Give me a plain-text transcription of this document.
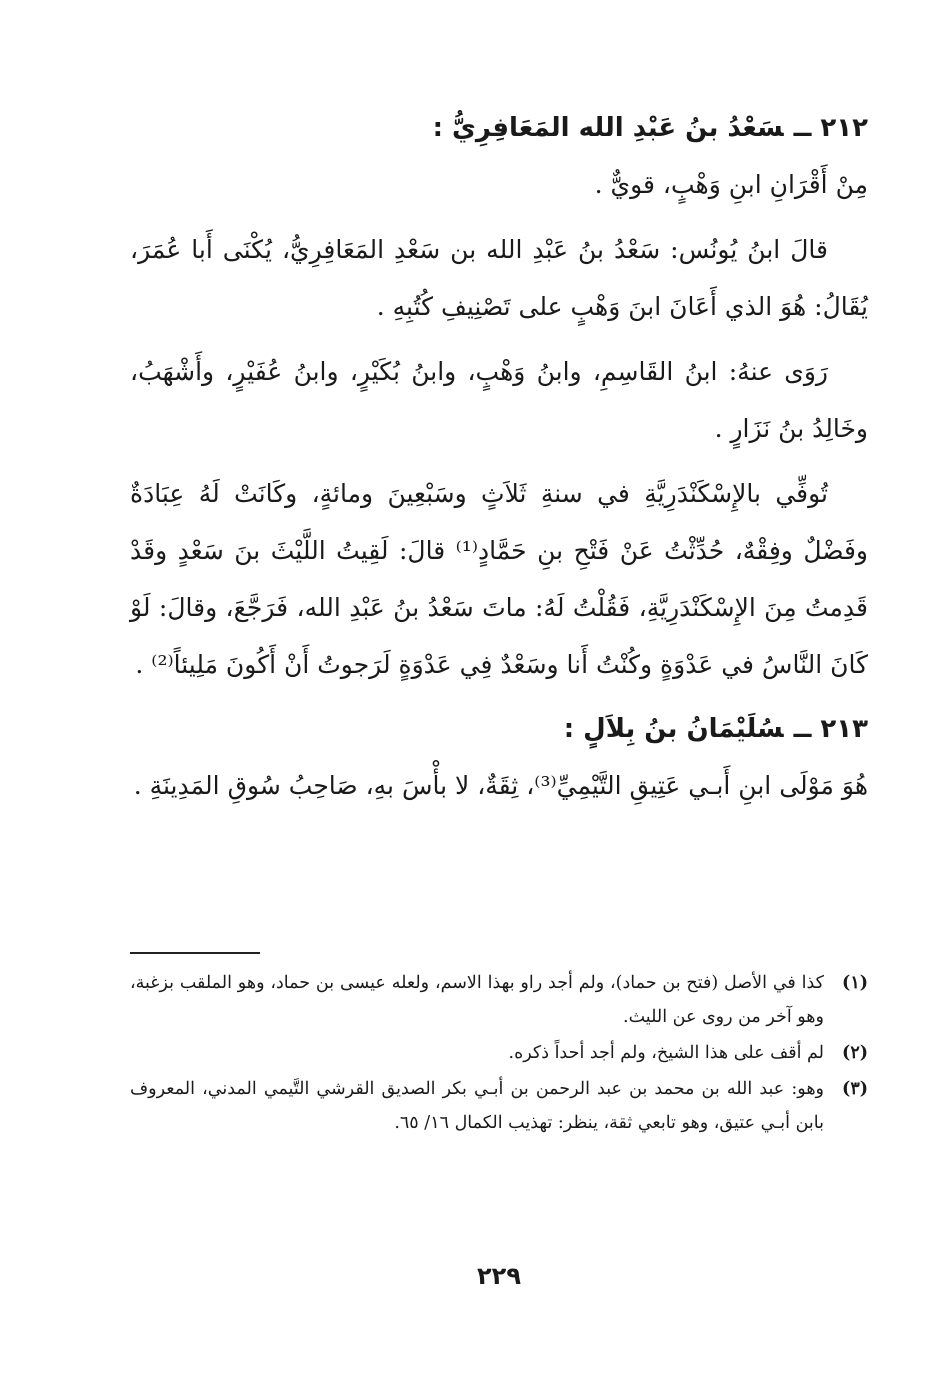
٢١٢ ــسَعْدُ بنُ عَبْدِ الله المَعَافِرِيُّ :

مِنْ أَقْرَانِ ابنِ وَهْبٍ، قويٌّ .

قالَ ابنُ يُونُس: سَعْدُ بنُ عَبْدِ الله بن سَعْدِ المَعَافِرِيُّ، يُكْنَى أَبا عُمَرَ، يُقَالُ: هُوَ الذي أَعَانَ ابنَ وَهْبٍ على تَصْنِيفِ كُتُبِهِ .

رَوَى عنهُ: ابنُ القَاسِمِ، وابنُ وَهْبٍ، وابنُ بُكَيْرٍ، وابنُ عُفَيْرٍ، وأَشْهَبُ، وخَالِدُ بنُ نَزَارٍ .

تُوفِّي بالإِسْكَنْدَرِيَّةِ في سنةِ ثَلاَثٍ وسَبْعِينَ ومائةٍ، وكَانَتْ لَهُ عِبَادَةٌ وفَضْلٌ وفِقْهٌ، حُدِّثْتُ عَنْ فَتْحِ بنِ حَمَّادٍ⁽¹⁾ قالَ: لَقِيتُ اللَّيْثَ بنَ سَعْدٍ وقَدْ قَدِمتُ مِنَ الإِسْكَنْدَرِيَّةِ، فَقُلْتُ لَهُ: ماتَ سَعْدُ بنُ عَبْدِ الله، فَرَجَّعَ، وقالَ: لَوْ كَانَ النَّاسُ في عَدْوَةٍ وكُنْتُ أَنا وسَعْدٌ فِي عَدْوَةٍ لَرَجوتُ أَنْ أَكُونَ مَلِيئاً⁽²⁾ .

٢١٣ ــسُلَيْمَانُ بنُ بِلاَلٍ :

هُوَ مَوْلَى ابنِ أَبـي عَتِيقِ التَّيْمِيِّ⁽³⁾، ثِقَةٌ، لا بأْسَ بهِ، صَاحِبُ سُوقِ المَدِينَةِ .

(١)
كذا في الأصل (فتح بن حماد)، ولم أجد راو بهذا الاسم، ولعله عيسى بن حماد، وهو الملقب بزغبة، وهو آخر من روى عن الليث.
(٢)
لم أقف على هذا الشيخ، ولم أجد أحداً ذكره.
(٣)
وهو: عبد الله بن محمد بن عبد الرحمن بن أبـي بكر الصديق القرشي التَّيمي المدني، المعروف بابن أبـي عتيق، وهو تابعي ثقة، ينظر: تهذيب الكمال ١٦/ ٦٥.
٢٢٩
